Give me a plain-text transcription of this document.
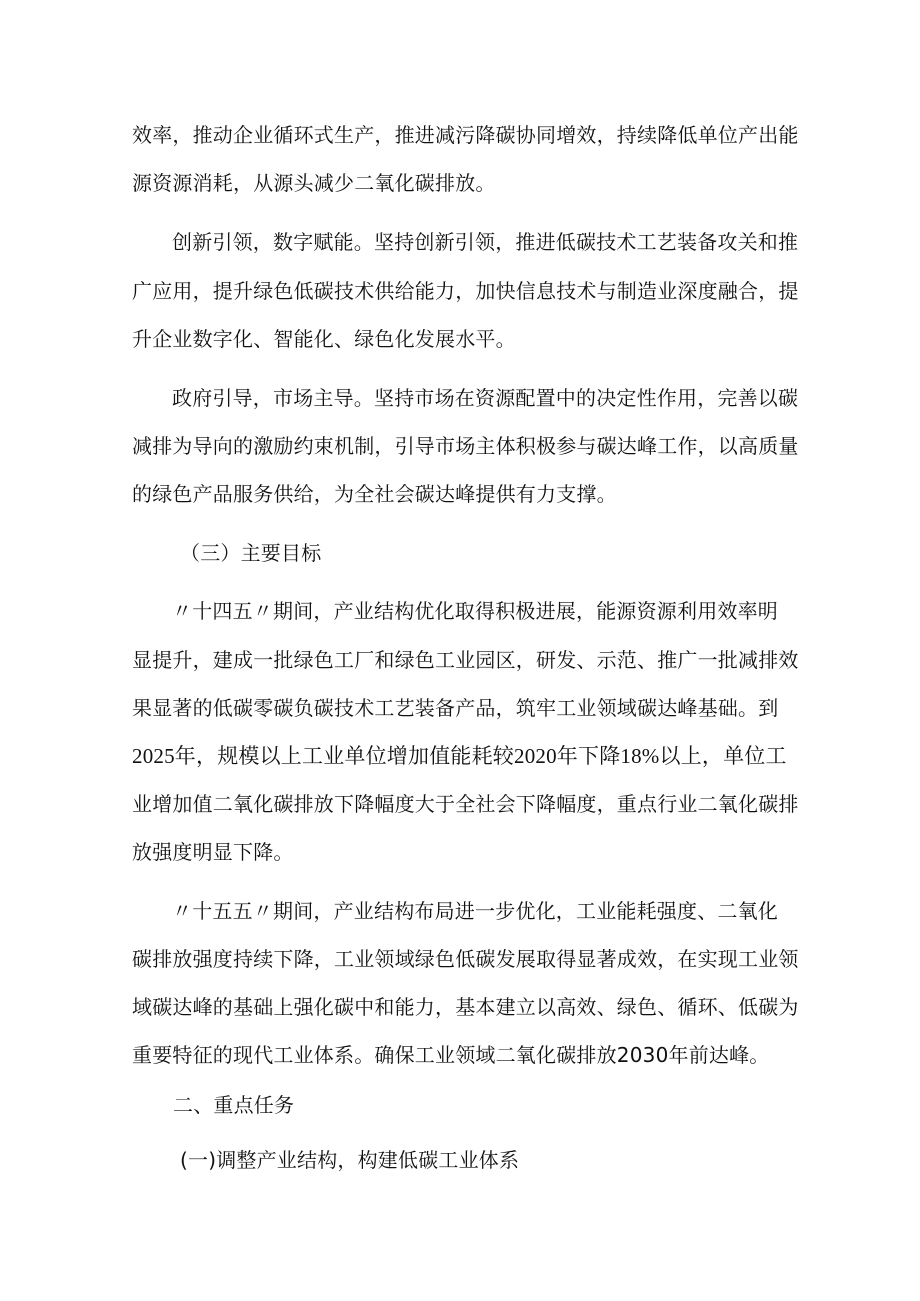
效率，推动企业循环式生产，推进减污降碳协同增效，持续降低单位产出能
源资源消耗，从源头减少二氧化碳排放。
创新引领，数字赋能。坚持创新引领，推进低碳技术工艺装备攻关和推
广应用，提升绿色低碳技术供给能力，加快信息技术与制造业深度融合，提
升企业数字化、智能化、绿色化发展水平。
政府引导，市场主导。坚持市场在资源配置中的决定性作用，完善以碳
减排为导向的激励约束机制，引导市场主体积极参与碳达峰工作，以高质量
的绿色产品服务供给，为全社会碳达峰提供有力支撑。
（三）主要目标
〃十四五〃期间，产业结构优化取得积极进展，能源资源利用效率明
显提升，建成一批绿色工厂和绿色工业园区，研发、示范、推广一批减排效
果显著的低碳零碳负碳技术工艺装备产品，筑牢工业领域碳达峰基础。到
2025年，规模以上工业单位增加值能耗较2020年下降18%以上，单位工
业增加值二氧化碳排放下降幅度大于全社会下降幅度，重点行业二氧化碳排
放强度明显下降。
〃十五五〃期间，产业结构布局进一步优化，工业能耗强度、二氧化
碳排放强度持续下降，工业领域绿色低碳发展取得显著成效，在实现工业领
域碳达峰的基础上强化碳中和能力，基本建立以高效、绿色、循环、低碳为
重要特征的现代工业体系。确保工业领域二氧化碳排放2030年前达峰。
二、重点任务
(一)调整产业结构，构建低碳工业体系
